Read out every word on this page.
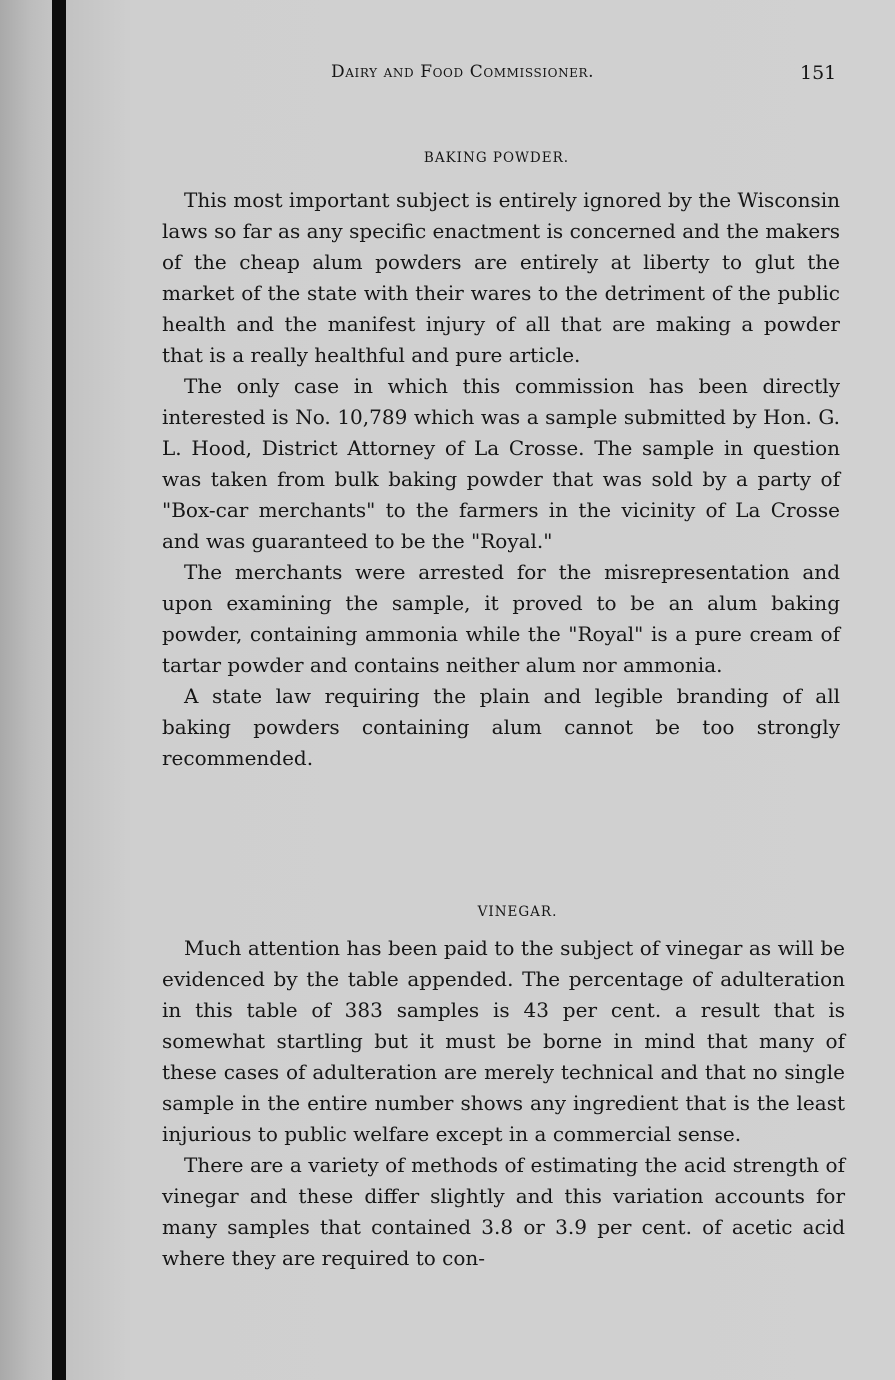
Dairy and Food Commissioner.	151
BAKING POWDER.

This most important subject is entirely ignored by the Wisconsin laws so far as any specific enactment is concerned and the makers of the cheap alum powders are entirely at liberty to glut the market of the state with their wares to the detriment of the public health and the manifest injury of all that are making a powder that is a really healthful and pure article.

The only case in which this commission has been directly interested is No. 10,789 which was a sample submitted by Hon. G. L. Hood, District Attorney of La Crosse. The sample in question was taken from bulk baking powder that was sold by a party of "Box-car merchants" to the farmers in the vicinity of La Crosse and was guaranteed to be the "Royal."

The merchants were arrested for the misrepresentation and upon examining the sample, it proved to be an alum baking powder, containing ammonia while the "Royal" is a pure cream of tartar powder and contains neither alum nor ammonia.

A state law requiring the plain and legible branding of all baking powders containing alum cannot be too strongly recommended.

VINEGAR.

Much attention has been paid to the subject of vinegar as will be evidenced by the table appended. The percentage of adulteration in this table of 383 samples is 43 per cent. a result that is somewhat startling but it must be borne in mind that many of these cases of adulteration are merely technical and that no single sample in the entire number shows any ingredient that is the least injurious to public welfare except in a commercial sense.

There are a variety of methods of estimating the acid strength of vinegar and these differ slightly and this variation accounts for many samples that contained 3.8 or 3.9 per cent. of acetic acid where they are required to con-
